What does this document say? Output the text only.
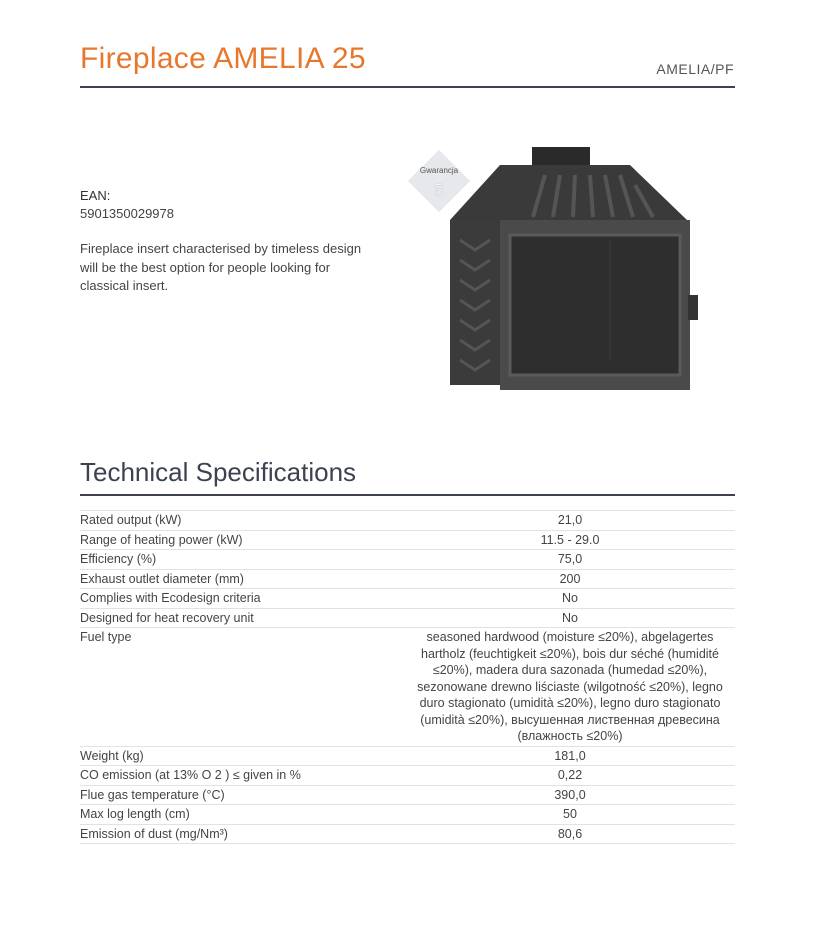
Fireplace AMELIA 25	AMELIA/PF
EAN:
5901350029978
Fireplace insert characterised by timeless design will be the best option for people looking for classical insert.
Gwarancja
5
Technical Specifications
Rated output (kW)	21,0
Range of heating power (kW)	11.5 - 29.0
Efficiency (%)	75,0
Exhaust outlet diameter (mm)	200
Complies with Ecodesign criteria	No
Designed for heat recovery unit	No
Fuel type	seasoned hardwood (moisture ≤20%), abgelagertes hartholz (feuchtigkeit ≤20%), bois dur séché (humidité ≤20%), madera dura sazonada (humedad ≤20%), sezonowane drewno liściaste (wilgotność ≤20%), legno duro stagionato (umidità ≤20%), legno duro stagionato (umidità ≤20%), высушенная лиственная древесина (влажность ≤20%)
Weight (kg)	181,0
CO emission (at 13% O 2 ) ≤ given in %	0,22
Flue gas temperature (°C)	390,0
Max log length (cm)	50
Emission of dust (mg/Nm³)	80,6
